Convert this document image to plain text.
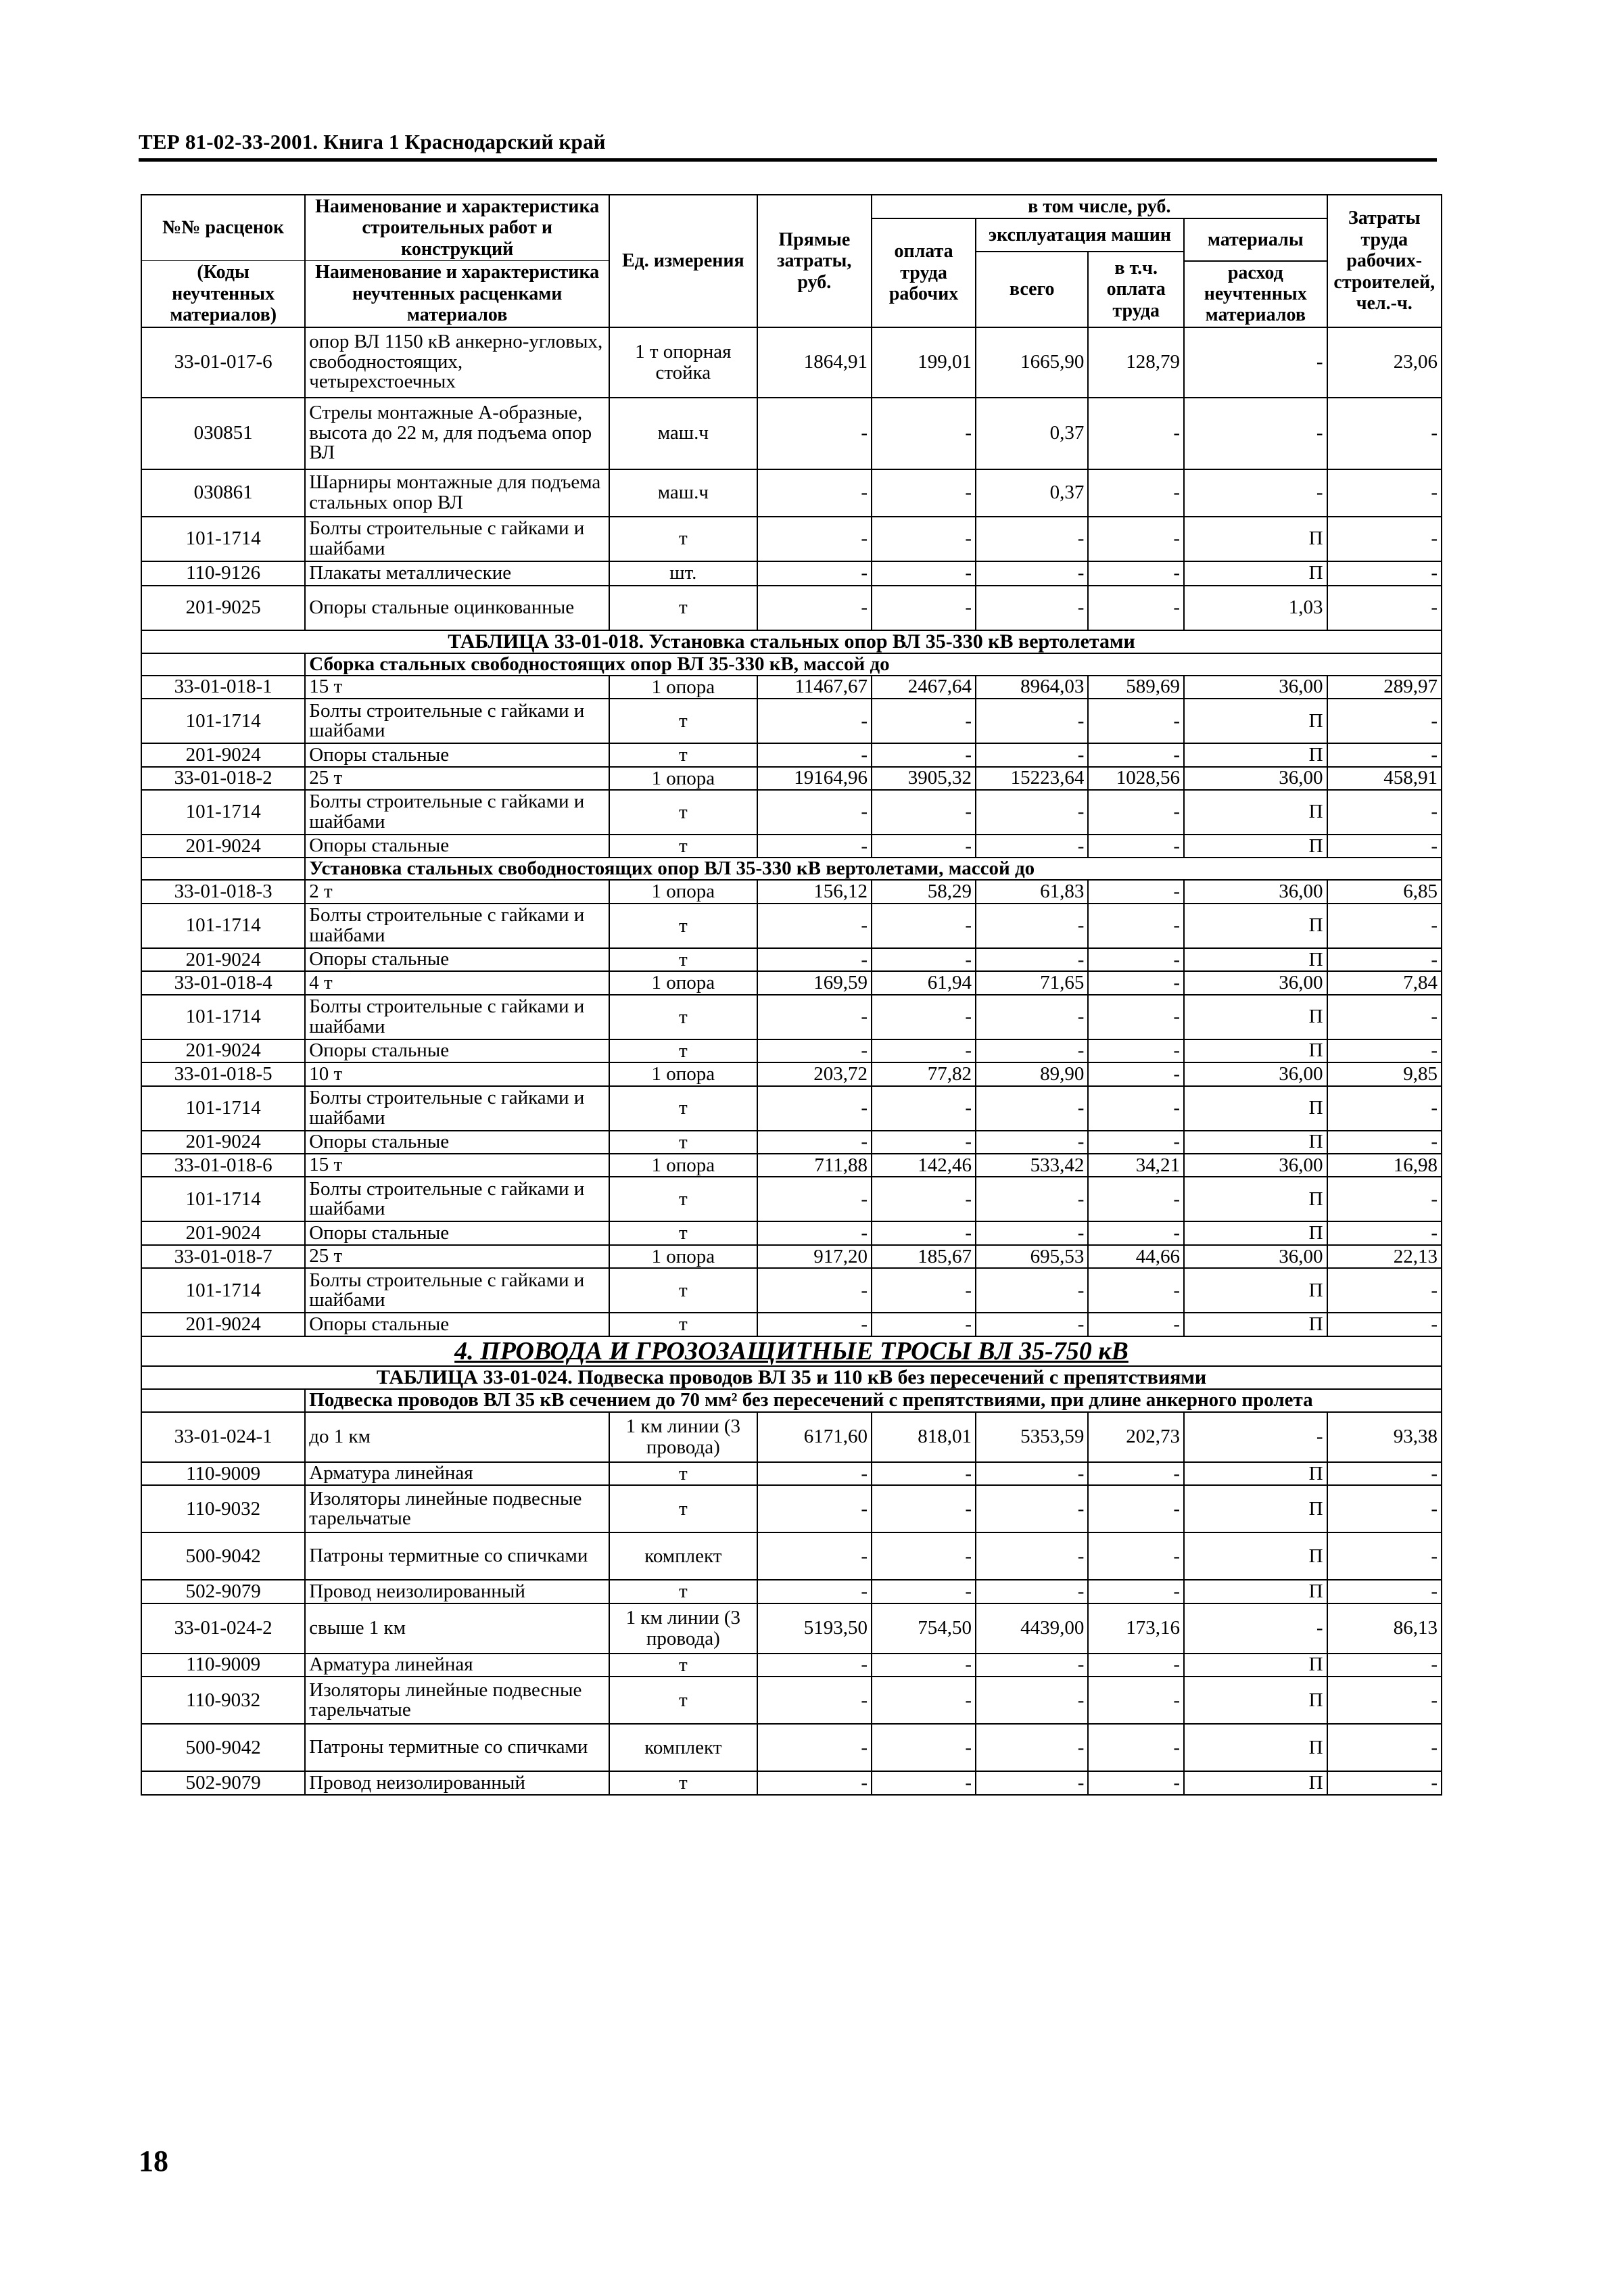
ТЕР 81-02-33-2001. Книга 1 Краснодарский край
№№ расценок	Наименование и характеристика строительных работ и конструкций	Ед. измерения	Прямые затраты, руб.	в том числе, руб.				Затраты труда рабочих-строителей, чел.-ч.
				оплата труда рабочих	эксплуатация машин		материалы	
					всего	в т.ч. оплата труда		
(Коды неучтенных материалов)	Наименование и характеристика неучтенных расценками материалов						расход неучтенных материалов	
33-01-017-6	опор ВЛ 1150 кВ анкерно-угловых, свободностоящих, четырехстоечных	1 т опорная стойка	1864,91	199,01	1665,90	128,79	-	23,06
030851	Стрелы монтажные А-образные, высота до 22 м, для подъема опор ВЛ	маш.ч	-	-	0,37	-	-	-
030861	Шарниры монтажные для подъема стальных опор ВЛ	маш.ч	-	-	0,37	-	-	-
101-1714	Болты строительные с гайками и шайбами	т	-	-	-	-	П	-
110-9126	Плакаты металлические	шт.	-	-	-	-	П	-
201-9025	Опоры стальные оцинкованные	т	-	-	-	-	1,03	-
ТАБЛИЦА 33-01-018. Установка стальных опор ВЛ 35-330 кВ вертолетами								
	Сборка стальных свободностоящих опор ВЛ 35-330 кВ, массой до							
33-01-018-1	15 т	1 опора	11467,67	2467,64	8964,03	589,69	36,00	289,97
101-1714	Болты строительные с гайками и шайбами	т	-	-	-	-	П	-
201-9024	Опоры стальные	т	-	-	-	-	П	-
33-01-018-2	25 т	1 опора	19164,96	3905,32	15223,64	1028,56	36,00	458,91
101-1714	Болты строительные с гайками и шайбами	т	-	-	-	-	П	-
201-9024	Опоры стальные	т	-	-	-	-	П	-
	Установка стальных свободностоящих опор ВЛ 35-330 кВ вертолетами, массой до							
33-01-018-3	2 т	1 опора	156,12	58,29	61,83	-	36,00	6,85
101-1714	Болты строительные с гайками и шайбами	т	-	-	-	-	П	-
201-9024	Опоры стальные	т	-	-	-	-	П	-
33-01-018-4	4 т	1 опора	169,59	61,94	71,65	-	36,00	7,84
101-1714	Болты строительные с гайками и шайбами	т	-	-	-	-	П	-
201-9024	Опоры стальные	т	-	-	-	-	П	-
33-01-018-5	10 т	1 опора	203,72	77,82	89,90	-	36,00	9,85
101-1714	Болты строительные с гайками и шайбами	т	-	-	-	-	П	-
201-9024	Опоры стальные	т	-	-	-	-	П	-
33-01-018-6	15 т	1 опора	711,88	142,46	533,42	34,21	36,00	16,98
101-1714	Болты строительные с гайками и шайбами	т	-	-	-	-	П	-
201-9024	Опоры стальные	т	-	-	-	-	П	-
33-01-018-7	25 т	1 опора	917,20	185,67	695,53	44,66	36,00	22,13
101-1714	Болты строительные с гайками и шайбами	т	-	-	-	-	П	-
201-9024	Опоры стальные	т	-	-	-	-	П	-
4. ПРОВОДА И ГРОЗОЗАЩИТНЫЕ ТРОСЫ ВЛ 35-750 кВ								
ТАБЛИЦА 33-01-024. Подвеска проводов ВЛ 35 и 110 кВ без пересечений с препятствиями								
	Подвеска проводов ВЛ 35 кВ сечением до 70 мм² без пересечений с препятствиями, при длине анкерного пролета							
33-01-024-1	до 1 км	1 км линии (3 провода)	6171,60	818,01	5353,59	202,73	-	93,38
110-9009	Арматура линейная	т	-	-	-	-	П	-
110-9032	Изоляторы линейные подвесные тарельчатые	т	-	-	-	-	П	-
500-9042	Патроны термитные со спичками	комплект	-	-	-	-	П	-
502-9079	Провод неизолированный	т	-	-	-	-	П	-
33-01-024-2	свыше 1 км	1 км линии (3 провода)	5193,50	754,50	4439,00	173,16	-	86,13
110-9009	Арматура линейная	т	-	-	-	-	П	-
110-9032	Изоляторы линейные подвесные тарельчатые	т	-	-	-	-	П	-
500-9042	Патроны термитные со спичками	комплект	-	-	-	-	П	-
502-9079	Провод неизолированный	т	-	-	-	-	П	-
18
